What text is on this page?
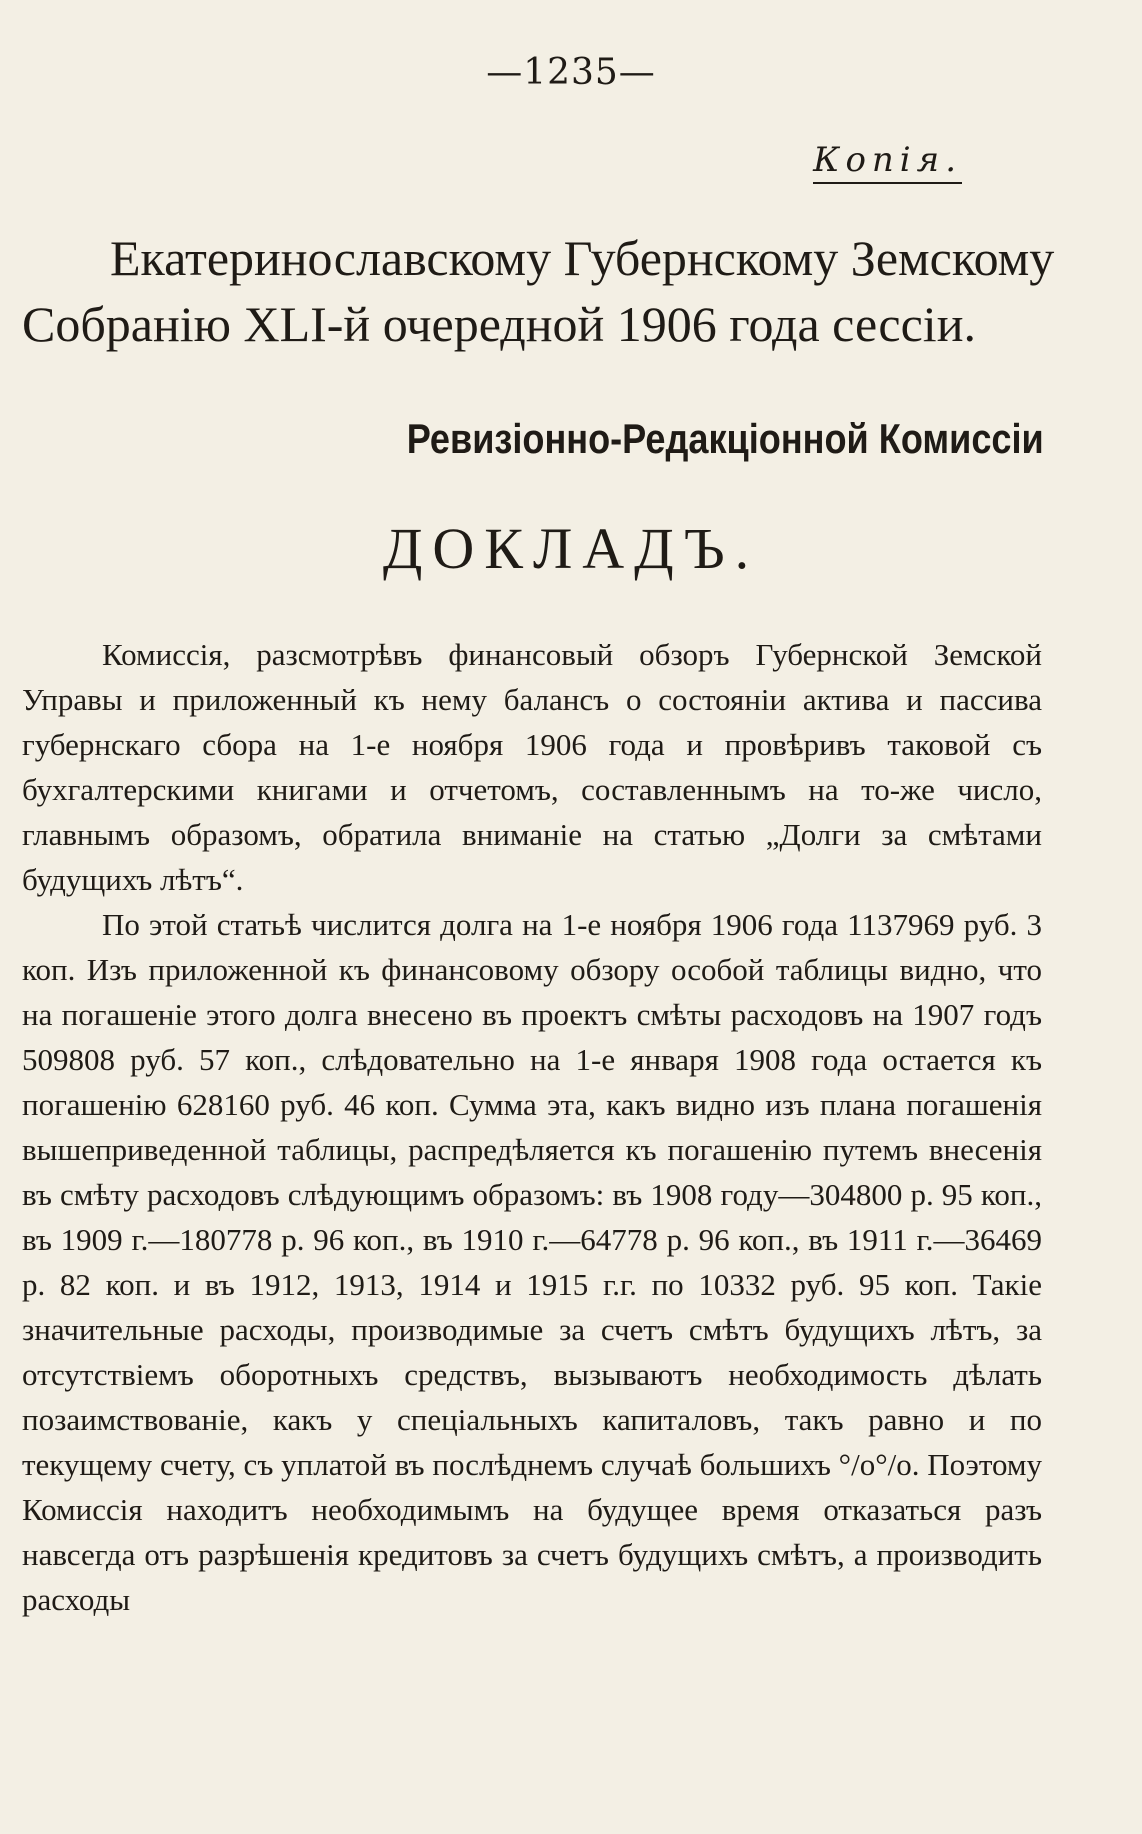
—1235—
Копія.
Екатеринославскому Губернскому Земскому
Собранію XLI-й очередной 1906 года сессіи.
Ревизіонно-Редакціонной Комиссіи
ДОКЛАДЪ.

Комиссія, разсмотрѣвъ финансовый обзоръ Губернской Земской Управы и приложенный къ нему балансъ о состояніи актива и пассива губернскаго сбора на 1-е ноября 1906 года и провѣривъ таковой съ бухгалтерскими книгами и отчетомъ, составленнымъ на то-же число, главнымъ образомъ, обратила вниманіе на статью „Долги за смѣтами будущихъ лѣтъ“.

По этой статьѣ числится долга на 1-е ноября 1906 года 1137969 руб. 3 коп. Изъ приложенной къ финансовому обзору особой таблицы видно, что на погашеніе этого долга внесено въ проектъ смѣты расходовъ на 1907 годъ 509808 руб. 57 коп., слѣдовательно на 1-е января 1908 года остается къ погашенію 628160 руб. 46 коп. Сумма эта, какъ видно изъ плана погашенія вышеприведенной таблицы, распредѣляется къ погашенію путемъ внесенія въ смѣту расходовъ слѣдующимъ образомъ: въ 1908 году—304800 р. 95 коп., въ 1909 г.—180778 р. 96 коп., въ 1910 г.—64778 р. 96 коп., въ 1911 г.—36469 р. 82 коп. и въ 1912, 1913, 1914 и 1915 г.г. по 10332 руб. 95 коп. Такіе значительные расходы, производимые за счетъ смѣтъ будущихъ лѣтъ, за отсутствіемъ оборотныхъ средствъ, вызываютъ необходимость дѣлать позаимствованіе, какъ у спеціальныхъ капиталовъ, такъ равно и по текущему счету, съ уплатой въ послѣднемъ случаѣ большихъ °/о°/о. Поэтому Комиссія находитъ необходимымъ на будущее время отказаться разъ навсегда отъ разрѣшенія кредитовъ за счетъ будущихъ смѣтъ, а производить расходы
